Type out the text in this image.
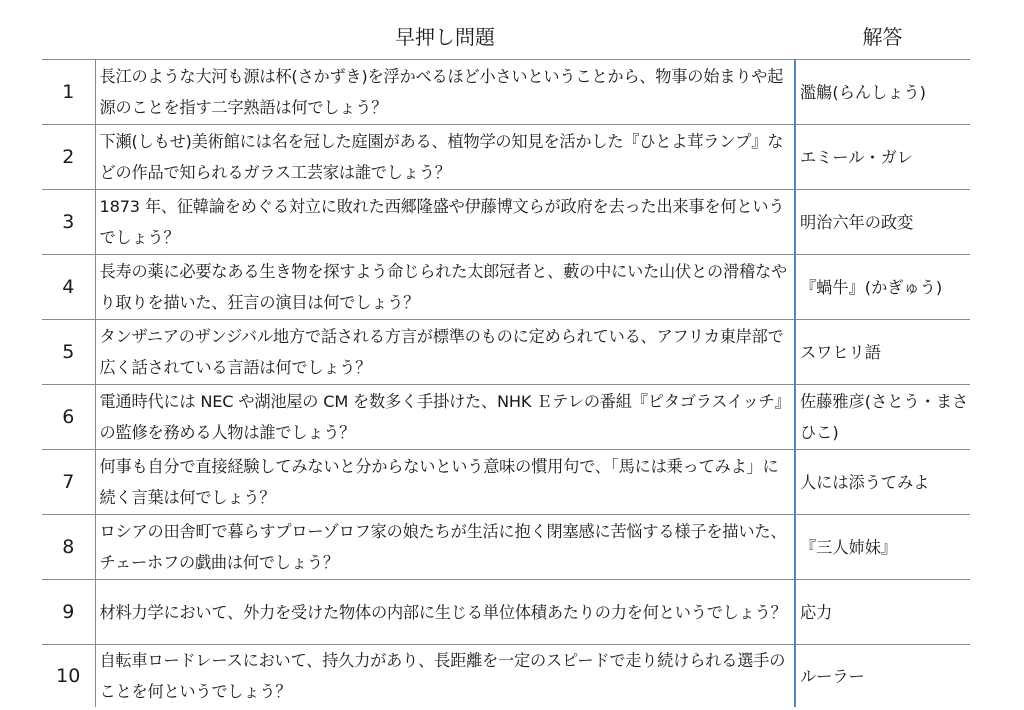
	早押し問題	解答
1	長江のような大河も源は杯(さかずき)を浮かべるほど小さいということから、物事の始まりや起源のことを指す二字熟語は何でしょう？	濫觴(らんしょう)
2	下瀬(しもせ)美術館には名を冠した庭園がある、植物学の知見を活かした『ひとよ茸ランプ』などの作品で知られるガラス工芸家は誰でしょう？	エミール・ガレ
3	1873 年、征韓論をめぐる対立に敗れた西郷隆盛や伊藤博文らが政府を去った出来事を何というでしょう？	明治六年の政変
4	長寿の薬に必要なある生き物を探すよう命じられた太郎冠者と、藪の中にいた山伏との滑稽なやり取りを描いた、狂言の演目は何でしょう？	『蝸牛』(かぎゅう)
5	タンザニアのザンジバル地方で話される方言が標準のものに定められている、アフリカ東岸部で広く話されている言語は何でしょう？	スワヒリ語
6	電通時代には NEC や湖池屋の CM を数多く手掛けた、NHK Ｅテレの番組『ピタゴラスイッチ』の監修を務める人物は誰でしょう？	佐藤雅彦(さとう・まさひこ)
7	何事も自分で直接経験してみないと分からないという意味の慣用句で、「馬には乗ってみよ」に続く言葉は何でしょう？	人には添うてみよ
8	ロシアの田舎町で暮らすプローゾロフ家の娘たちが生活に抱く閉塞感に苦悩する様子を描いた、チェーホフの戯曲は何でしょう？	『三人姉妹』
9	材料力学において、外力を受けた物体の内部に生じる単位体積あたりの力を何というでしょう？	応力
10	自転車ロードレースにおいて、持久力があり、長距離を一定のスピードで走り続けられる選手のことを何というでしょう？	ルーラー
